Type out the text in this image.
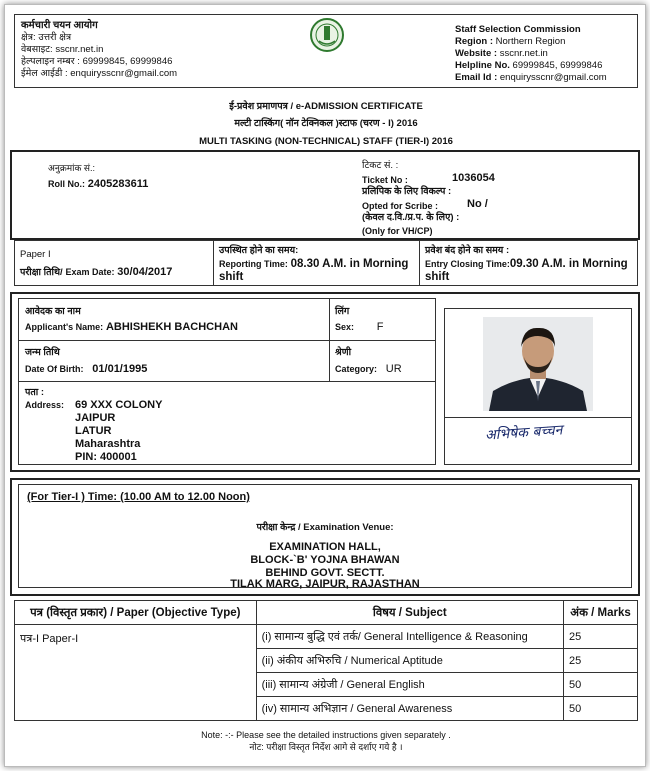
कर्मचारी चयन आयोग
क्षेत्र: उत्तरी क्षेत्र
वेबसाइट: sscnr.net.in
हेल्पलाइन नम्बर : 69999845, 69999846
ईमेल आईडी : enquirysscnr@gmail.com
Staff Selection Commission
Region : Northern Region
Website : sscnr.net.in
Helpline No. 69999845, 69999846
Email Id : enquirysscnr@gmail.com
ई-प्रवेश प्रमाणपत्र / e-ADMISSION CERTIFICATE
मल्टी टास्किंग( नॉन टेक्निकल )स्टाफ (चरण - I) 2016
MULTI TASKING (NON-TECHNICAL) STAFF (TIER-I) 2016
अनुक्रमांक सं.:
Roll No.: 2405283611
टिकट सं. :
Ticket No :	1036054
प्रलिपिक के लिए विकल्प :
Opted for Scribe :	No /
(केवल द.वि./प्र.प. के लिए) :
(Only for VH/CP)
Paper I
परीक्षा तिथि/ Exam Date: 30/04/2017
उपस्थित होने का समय:
Reporting Time: 08.30 A.M. in Morning
shift
प्रवेश बंद होने का समय :
Entry Closing Time:09.30 A.M. in Morning
shift
आवेदक का नाम
Applicant's Name: ABHISHEKH BACHCHAN
लिंग
Sex: F
जन्म तिथि
Date Of Birth: 01/01/1995
श्रेणी
Category: UR
पता :
Address: 69 XXX COLONY
JAIPUR
LATUR
Maharashtra
PIN: 400001
अभिषेक बच्चन
(For Tier-I ) Time: (10.00 AM to 12.00 Noon)
परीक्षा केन्द्र / Examination Venue:
EXAMINATION HALL,
BLOCK-`B' YOJNA BHAWAN
BEHIND GOVT. SECTT.
TILAK MARG, JAIPUR, RAJASTHAN
पत्र (विस्तृत प्रकार) / Paper (Objective Type)	विषय / Subject	अंक / Marks
पत्र-I Paper-I	(i) सामान्य बुद्धि एवं तर्क/ General Intelligence & Reasoning	25
	(ii) अंकीय अभिरुचि / Numerical Aptitude	25
	(iii) सामान्य अंग्रेजी / General English	50
	(iv) सामान्य अभिज्ञान / General Awareness	50
Note: -:- Please see the detailed instructions given separately .
नोट: परीक्षा विस्तृत निर्देश आगे से दर्शाए गये है ।
